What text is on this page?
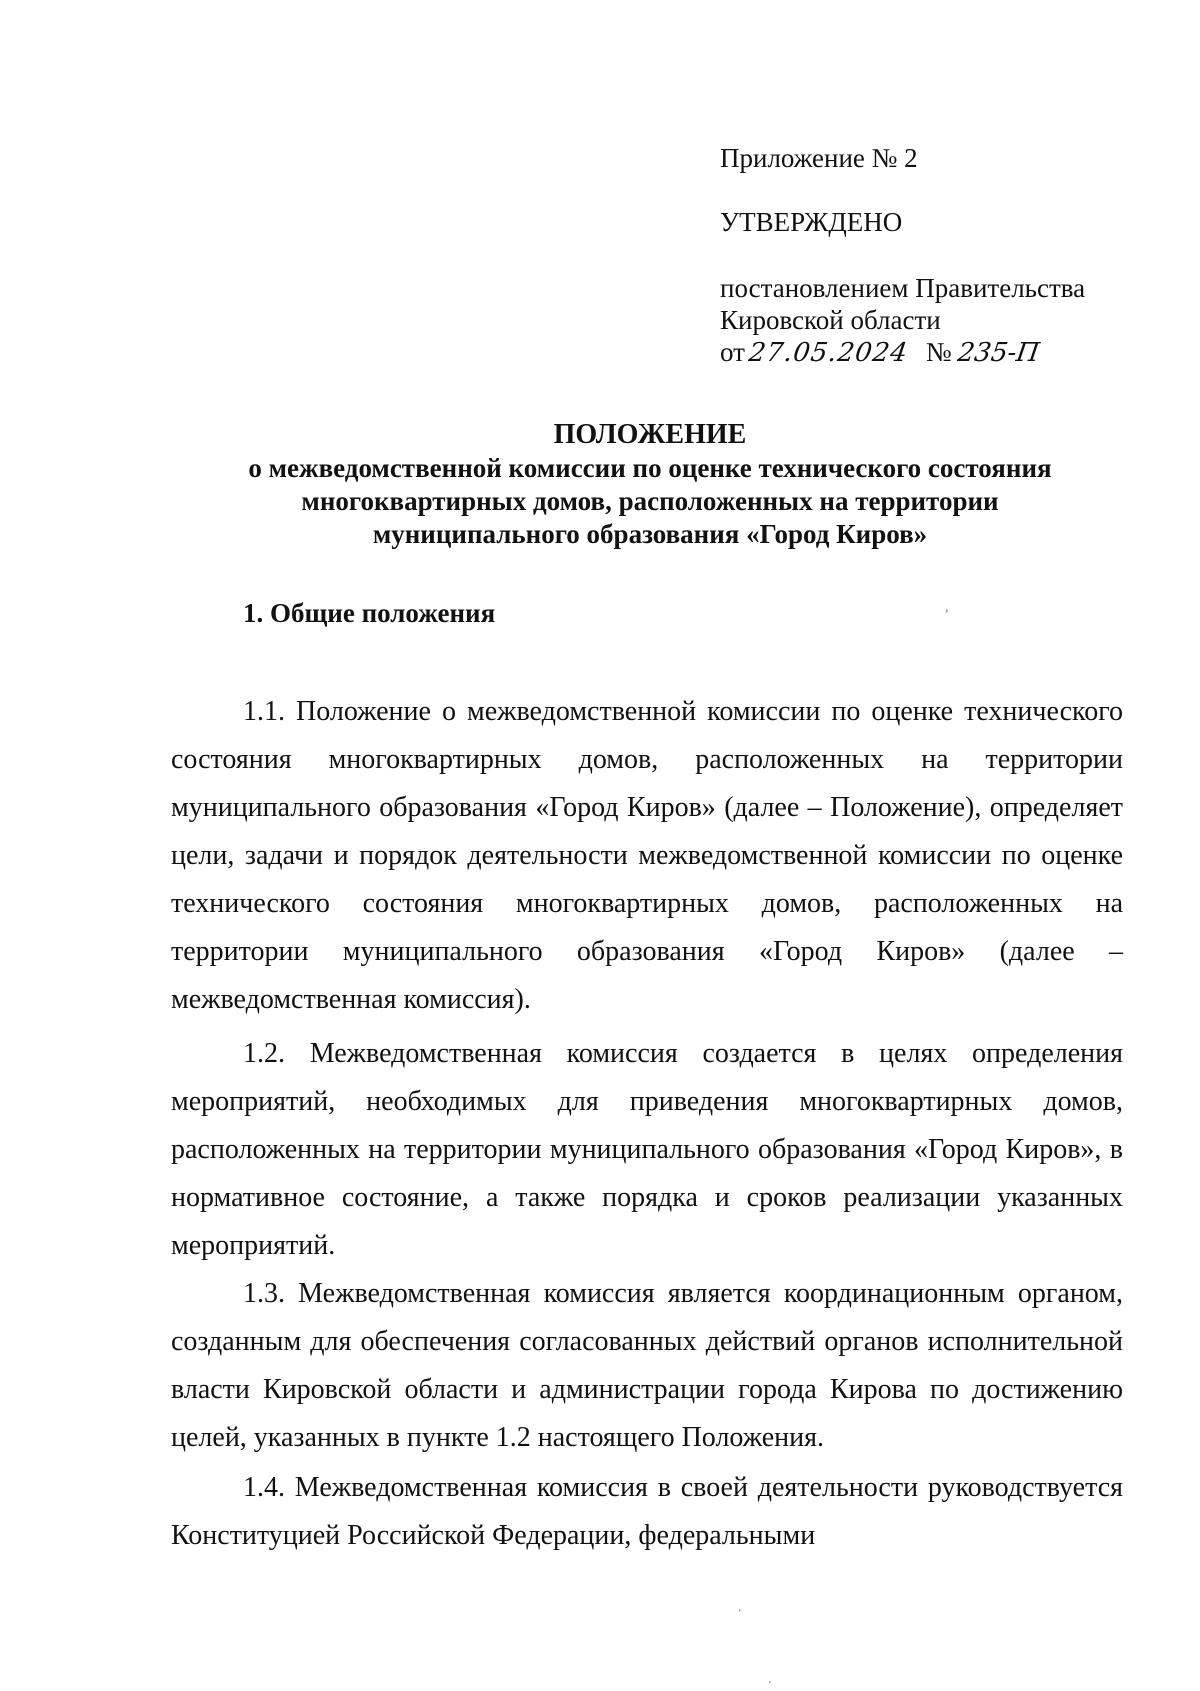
Приложение № 2
УТВЕРЖДЕНО
постановлением Правительства
Кировской области
от27.05.2024 № 235-П
ПОЛОЖЕНИЕ
о межведомственной комиссии по оценке технического состояния
многоквартирных домов, расположенных на территории
муниципального образования «Город Киров»
1. Общие положения
1.1. Положение о межведомственной комиссии по оценке технического состояния многоквартирных домов, расположенных на территории муниципального образования «Город Киров» (далее – Положение), определяет цели, задачи и порядок деятельности межведомственной комиссии по оценке технического состояния многоквартирных домов, расположенных на территории муниципального образования «Город Киров» (далее – межведомственная комиссия).
1.2. Межведомственная комиссия создается в целях определения мероприятий, необходимых для приведения многоквартирных домов, расположенных на территории муниципального образования «Город Киров», в нормативное состояние, а также порядка и сроков реализации указанных мероприятий.
1.3. Межведомственная комиссия является координационным органом, созданным для обеспечения согласованных действий органов исполнительной власти Кировской области и администрации города Кирова по достижению целей, указанных в пункте 1.2 настоящего Положения.
1.4. Межведомственная комиссия в своей деятельности руководствуется Конституцией Российской Федерации, федеральными
,
.
.
